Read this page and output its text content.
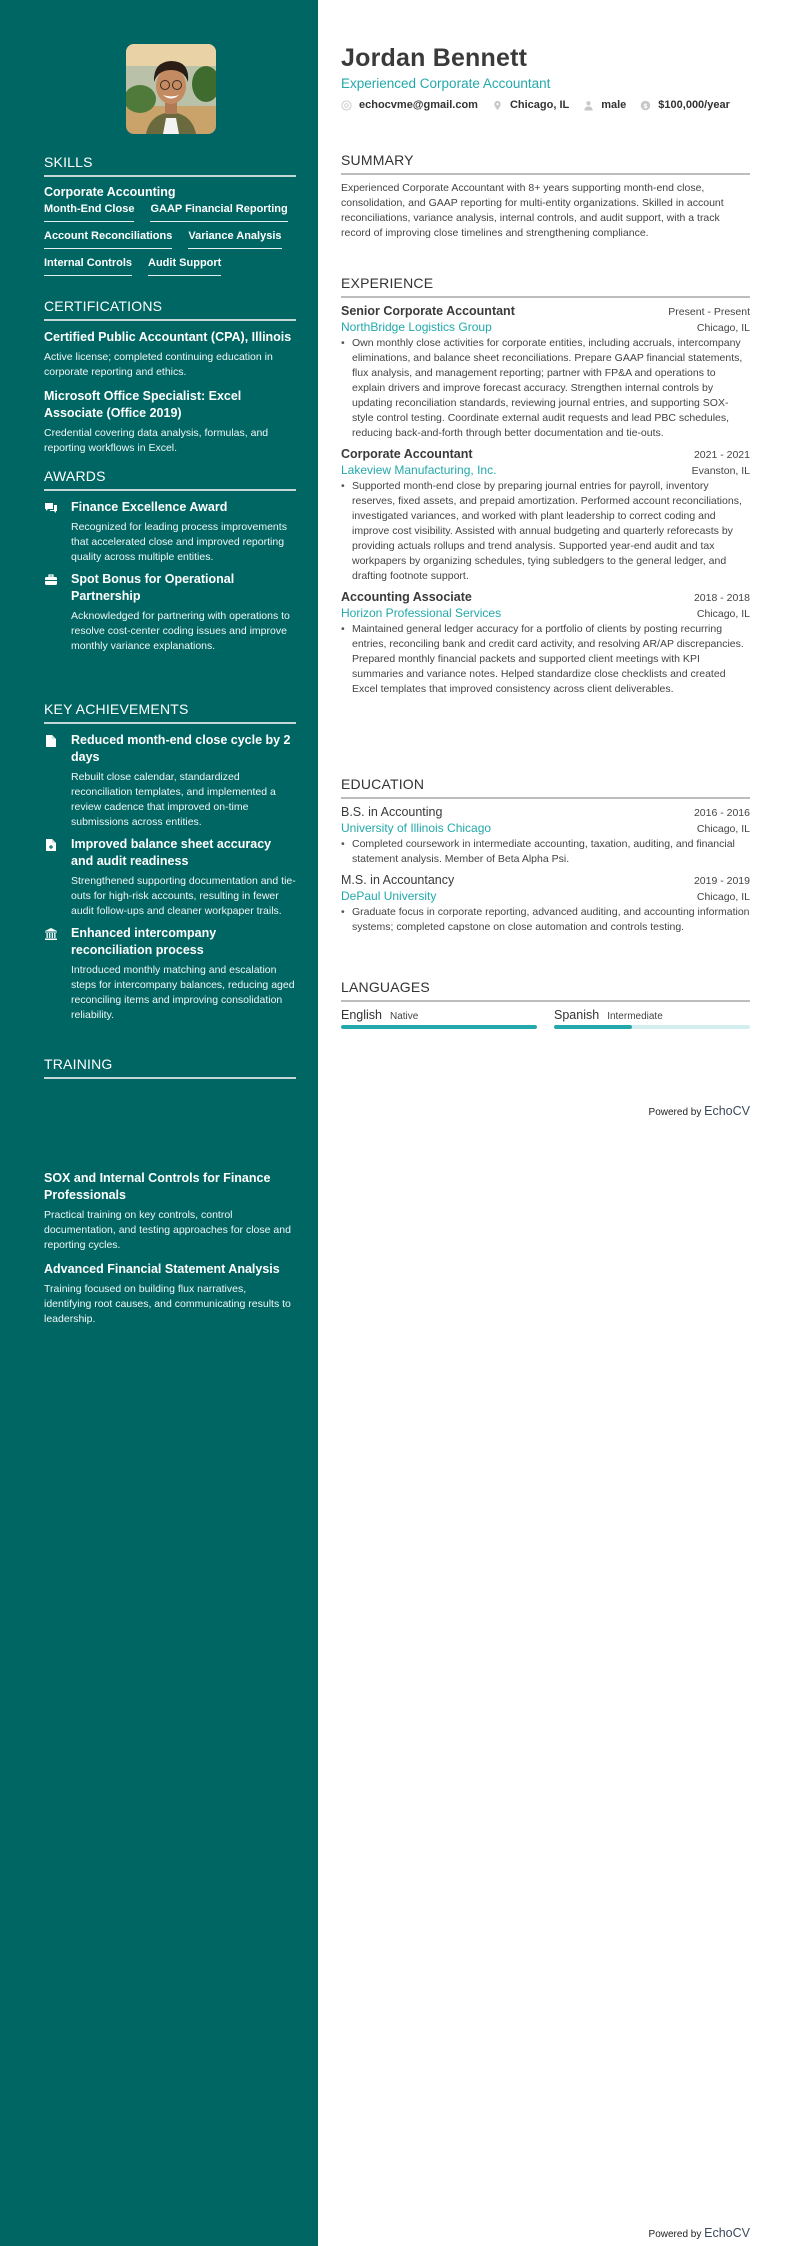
SKILLS
Corporate Accounting
Month-End Close GAAP Financial Reporting
Account Reconciliations Variance Analysis
Internal Controls Audit Support
CERTIFICATIONS
Certified Public Accountant (CPA), Illinois
Active license; completed continuing education in corporate reporting and ethics.
Microsoft Office Specialist: Excel Associate (Office 2019)
Credential covering data analysis, formulas, and reporting workflows in Excel.
AWARDS
Finance Excellence Award
Recognized for leading process improvements that accelerated close and improved reporting quality across multiple entities.
Spot Bonus for Operational Partnership
Acknowledged for partnering with operations to resolve cost-center coding issues and improve monthly variance explanations.
KEY ACHIEVEMENTS
Reduced month-end close cycle by 2 days
Rebuilt close calendar, standardized reconciliation templates, and implemented a review cadence that improved on-time submissions across entities.
Improved balance sheet accuracy and audit readiness
Strengthened supporting documentation and tie-outs for high-risk accounts, resulting in fewer audit follow-ups and cleaner workpaper trails.
Enhanced intercompany reconciliation process
Introduced monthly matching and escalation steps for intercompany balances, reducing aged reconciling items and improving consolidation reliability.
TRAINING
SOX and Internal Controls for Finance Professionals
Practical training on key controls, control documentation, and testing approaches for close and reporting cycles.
Advanced Financial Statement Analysis
Training focused on building flux narratives, identifying root causes, and communicating results to leadership.
Jordan Bennett
Experienced Corporate Accountant
echocvme@gmail.com	Chicago, IL	male $ $100,000/year
SUMMARY
Experienced Corporate Accountant with 8+ years supporting month-end close, consolidation, and GAAP reporting for multi-entity organizations. Skilled in account reconciliations, variance analysis, internal controls, and audit support, with a track record of improving close timelines and strengthening compliance.
EXPERIENCE
Senior Corporate Accountant	Present - Present
NorthBridge Logistics Group	Chicago, IL
• Own monthly close activities for corporate entities, including accruals, intercompany eliminations, and balance sheet reconciliations. Prepare GAAP financial statements, flux analysis, and management reporting; partner with FP&A and operations to explain drivers and improve forecast accuracy. Strengthen internal controls by updating reconciliation standards, reviewing journal entries, and supporting SOX-style control testing. Coordinate external audit requests and lead PBC schedules, reducing back-and-forth through better documentation and tie-outs.
Corporate Accountant	2021 - 2021
Lakeview Manufacturing, Inc.	Evanston, IL
• Supported month-end close by preparing journal entries for payroll, inventory reserves, fixed assets, and prepaid amortization. Performed account reconciliations, investigated variances, and worked with plant leadership to correct coding and improve cost visibility. Assisted with annual budgeting and quarterly reforecasts by providing actuals rollups and trend analysis. Supported year-end audit and tax workpapers by organizing schedules, tying subledgers to the general ledger, and drafting footnote support.
Accounting Associate	2018 - 2018
Horizon Professional Services	Chicago, IL
• Maintained general ledger accuracy for a portfolio of clients by posting recurring entries, reconciling bank and credit card activity, and resolving AR/AP discrepancies. Prepared monthly financial packets and supported client meetings with KPI summaries and variance notes. Helped standardize close checklists and created Excel templates that improved consistency across client deliverables.
EDUCATION
B.S. in Accounting	2016 - 2016
University of Illinois Chicago	Chicago, IL
• Completed coursework in intermediate accounting, taxation, auditing, and financial statement analysis. Member of Beta Alpha Psi.
M.S. in Accountancy	2019 - 2019
DePaul University	Chicago, IL
• Graduate focus in corporate reporting, advanced auditing, and accounting information systems; completed capstone on close automation and controls testing.
LANGUAGES
English Native	Spanish Intermediate
Powered by EchoCV
Powered by EchoCV
